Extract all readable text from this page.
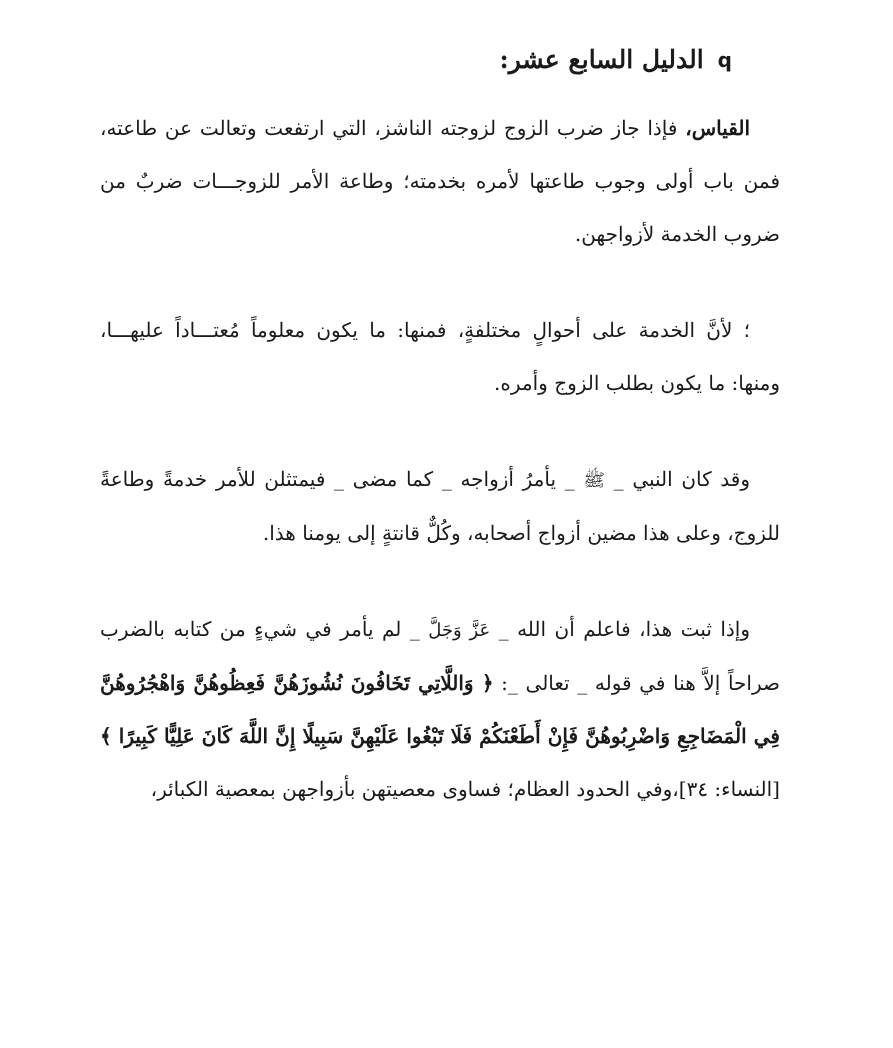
q
الدليل السابع عشر:

القياس، فإذا جاز ضرب الزوج لزوجته الناشز، التي ارتفعت وتعالت عن طاعته، فمن باب أولى وجوب طاعتها لأمره بخدمته؛ وطاعة الأمر للزوجـــات ضربٌ من ضروب الخدمة لأزواجهن.

؛ لأنَّ الخدمة على أحوالٍ مختلفةٍ، فمنها: ما يكون معلوماً مُعتـــاداً عليهـــا، ومنها: ما يكون بطلب الزوج وأمره.

وقد كان النبي _ ﷺ _ يأمرُ أزواجه _ كما مضى _ فيمتثلن للأمر خدمةً وطاعةً للزوج، وعلى هذا مضين أزواج أصحابه، وكُلٌّ قانتةٍ إلى يومنا هذا.

وإذا ثبت هذا، فاعلم أن الله _ عَزَّ وَجَلَّ _ لم يأمر في شيءٍ من كتابه بالضرب صراحاً إلاَّ هنا في قوله _ تعالى _: ﴿ وَاللَّاتِي تَخَافُونَ نُشُوزَهُنَّ فَعِظُوهُنَّ وَاهْجُرُوهُنَّ فِي الْمَضَاجِعِ وَاضْرِبُوهُنَّ فَإِنْ أَطَعْنَكُمْ فَلَا تَبْغُوا عَلَيْهِنَّ سَبِيلًا إِنَّ اللَّهَ كَانَ عَلِيًّا كَبِيرًا ﴾ [النساء: ٣٤]،وفي الحدود العظام؛ فساوى معصيتهن بأزواجهن بمعصية الكبائر،
